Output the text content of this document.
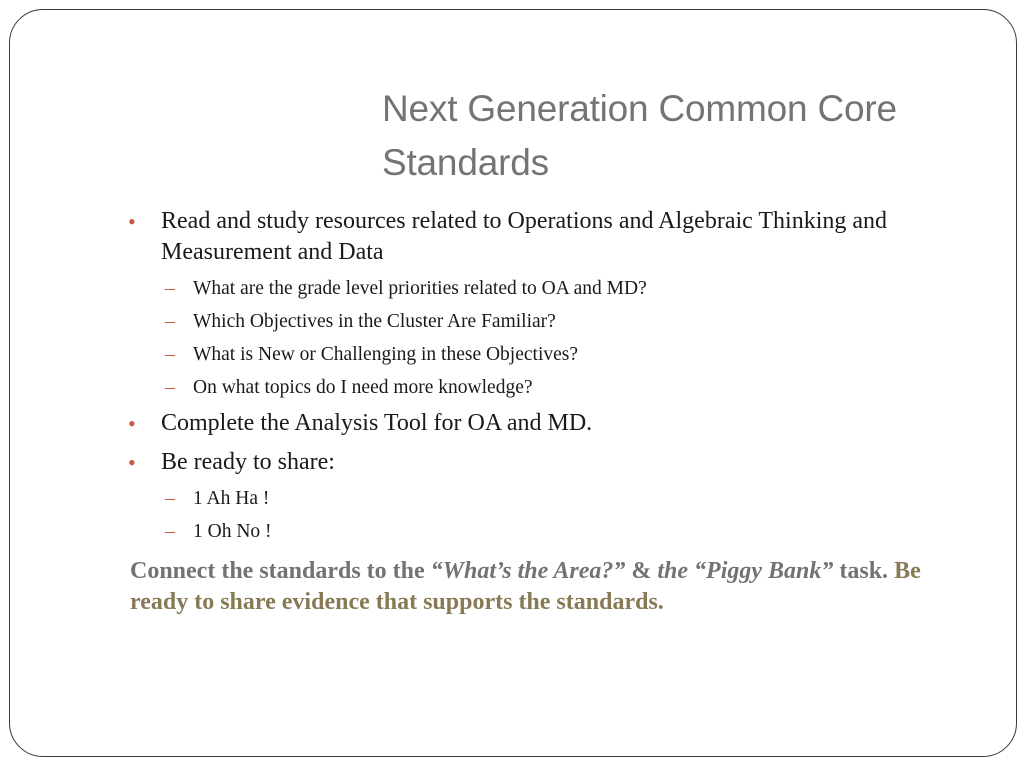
Next Generation Common Core Standards
• Read and study resources related to Operations and Algebraic Thinking and Measurement and Data
– What are the grade level priorities related to OA and MD?
– Which Objectives in the Cluster Are Familiar?
– What is New or Challenging in these Objectives?
– On what topics do I need more knowledge?
• Complete the Analysis Tool for OA and MD.
• Be ready to share:
– 1 Ah Ha !
– 1 Oh No !
Connect the standards to the “What’s the Area?” & the “Piggy Bank” task. Be ready to share evidence that supports the standards.
